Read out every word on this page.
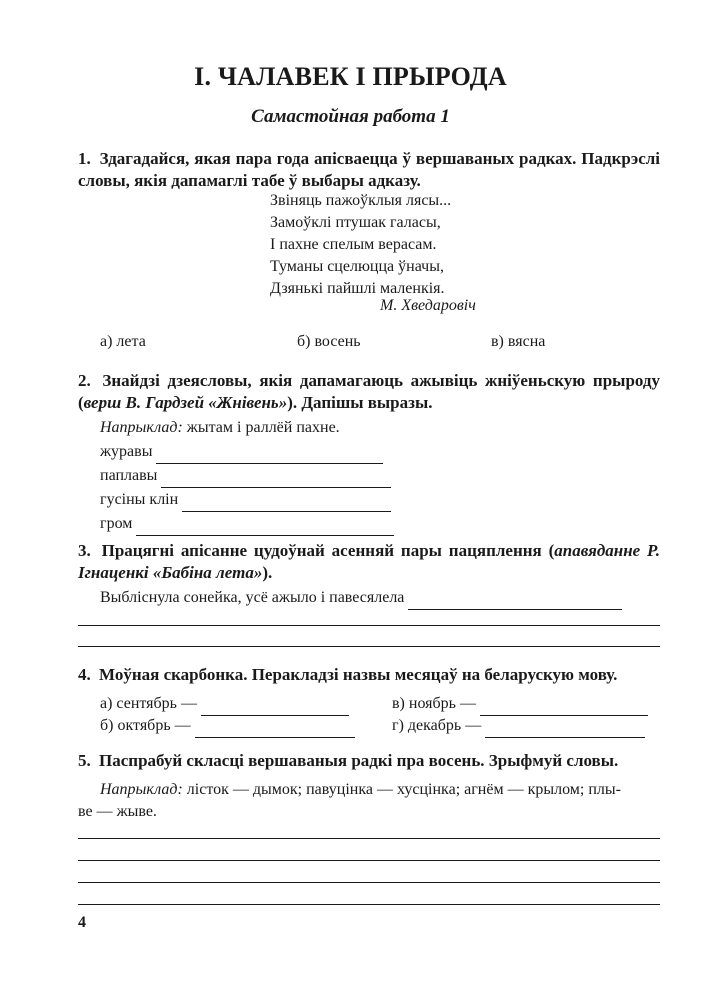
I. ЧАЛАВЕК І ПРЫРОДА
Самастойная работа 1
1. Здагадайся, якая пара года апісваецца ў вершаваных радках. Падкрэслі словы, якія дапамаглі табе ў выбары адказу.
Звіняць пажоўклыя лясы...
Замоўклі птушак галасы,
І пахне спелым верасам.
Туманы сцелюцца ўначы,
Дзянькі пайшлі маленкія.
М. Хведаровіч
а) лета	б) восень	в) вясна
2. Знайдзі дзеясловы, якія дапамагаюць ажывіць жніўеньскую прыроду (верш В. Гардзей «Жнівень»). Дапішы выразы.
Напрыклад: жытам і раллёй пахне.
журавы
паплавы
гусіны клін
гром
3. Працягні апісанне цудоўнай асенняй пары пацяплення (апавяданне Р. Ігнаценкі «Бабіна лета»).
Выбліснула сонейка, усё ажыло і павесялела
4. Моўная скарбонка. Перакладзі назвы месяцаў на беларускую мову.
а) сентябрь —	в) ноябрь —
б) октябрь —	г) декабрь —
5. Паспрабуй скласці вершаваныя радкі пра восень. Зрыфмуй словы.
Напрыклад: лісток — дымок; павуцінка — хусцінка; агнём — крылом; плы-
ве — жыве.
4
